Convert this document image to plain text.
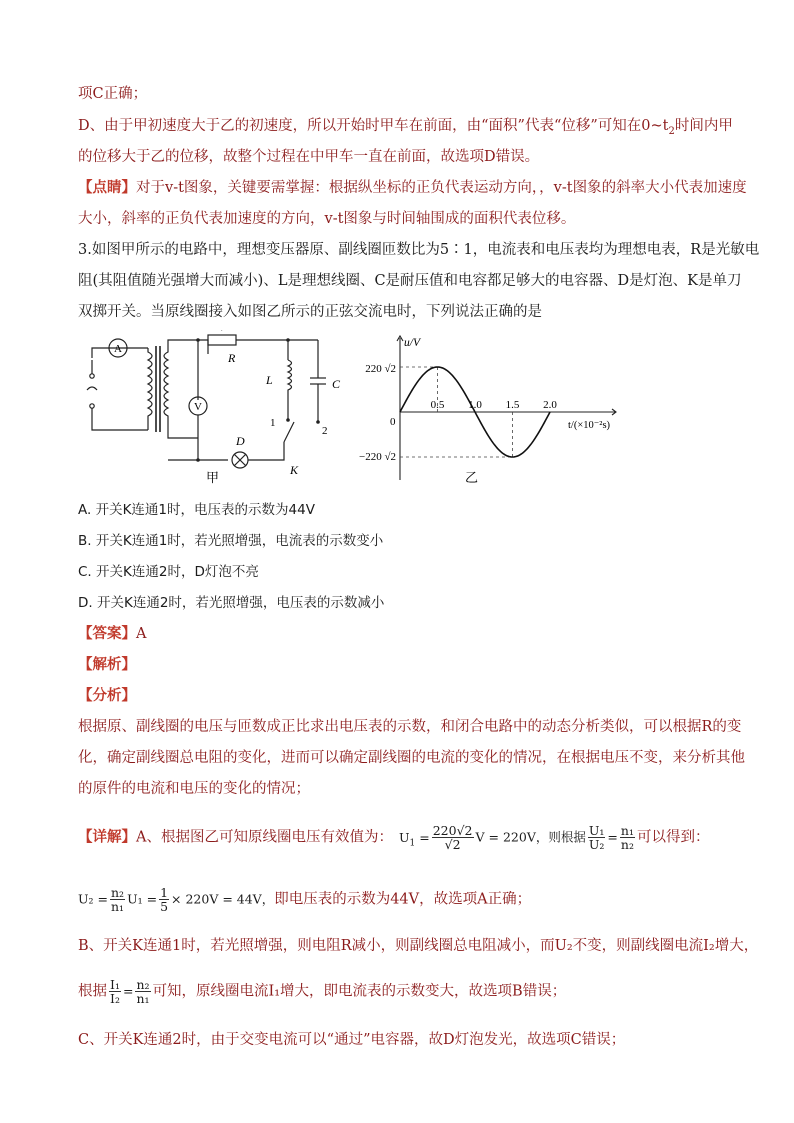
项C正确；
D、由于甲初速度大于乙的初速度，所以开始时甲车在前面，由“面积”代表“位移”可知在$0\sim t_2$时间内甲
的位移大于乙的位移，故整个过程在中甲车一直在前面，故选项D错误。
【点睛】对于v-t图象，关键要需掌握：根据纵坐标的正负代表运动方向，，v-t图象的斜率大小代表加速度
大小，斜率的正负代表加速度的方向，v-t图象与时间轴围成的面积代表位移。
3.如图甲所示的电路中，理想变压器原、副线圈匝数比为5∶1，电流表和电压表均为理想电表，R是光敏电
阻(其阻值随光强增大而减小)、L是理想线圈、C是耐压值和电容都足够大的电容器、D是灯泡、K是单刀
双掷开关。当原线圈接入如图乙所示的正弦交流电时，下列说法正确的是
A
V
R
L	C
D
K
1
2
甲
0.5 1.0 1.5 2.0
u/V
t/(×10⁻²s)
0
220 √2
−220 √2
乙
A. 开关K连通1时，电压表的示数为44V
B. 开关K连通1时，若光照增强，电流表的示数变小
C. 开关K连通2时，D灯泡不亮
D. 开关K连通2时，若光照增强，电压表的示数减小
【答案】A
【解析】
【分析】
根据原、副线圈的电压与匝数成正比求出电压表的示数，和闭合电路中的动态分析类似，可以根据R的变
化，确定副线圈总电阻的变化，进而可以确定副线圈的电流的变化的情况，在根据电压不变，来分析其他
的原件的电流和电压的变化的情况；
【详解】A、根据图乙可知原线圈电压有效值为： $U_1 = \frac{220√2}{√2}$ V = 220V，则根据 $\frac{\text{U₁}}{\text{U₂}} = \frac{\text{n₁}}{\text{n₂}}$ 可以得到：
$U_2 = \frac{\text{n₂}}{\text{n₁}} U_1 = \frac{1}{5} \times 220V = 44V$，即电压表的示数为44V，故选项A正确；
B、开关K连通1时，若光照增强，则电阻R减小，则副线圈总电阻减小，而U₂不变，则副线圈电流I₂增大，
根据 $\frac{\text{I₁}}{\text{I₂}} = \frac{\text{n₂}}{\text{n₁}}$ 可知，原线圈电流I₁增大，即电流表的示数变大，故选项B错误；
C、开关K连通2时，由于交变电流可以“通过”电容器，故D灯泡发光，故选项C错误；
